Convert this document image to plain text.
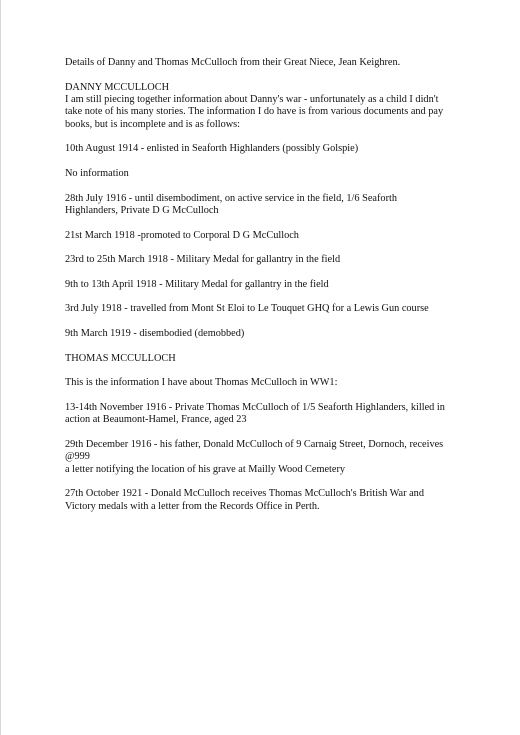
Details of Danny and Thomas McCulloch from their Great Niece, Jean Keighren.

DANNY MCCULLOCH
I am still piecing together information about Danny's war - unfortunately as a child I didn't
take note of his many stories. The information I do have is from various documents and pay
books, but is incomplete and is as follows:
10th August 1914 - enlisted in Seaforth Highlanders (possibly Golspie)
No information
28th July 1916 - until disembodiment, on active service in the field, 1/6 Seaforth
Highlanders, Private D G McCulloch
21st March 1918 -promoted to Corporal D G McCulloch
23rd to 25th March 1918 - Military Medal for gallantry in the field
9th to 13th April 1918 - Military Medal for gallantry in the field
3rd July 1918 - travelled from Mont St Eloi to Le Touquet GHQ for a Lewis Gun course
9th March 1919 - disembodied (demobbed)
THOMAS MCCULLOCH
This is the information I have about Thomas McCulloch in WW1:
13-14th November 1916 - Private Thomas McCulloch of 1/5 Seaforth Highlanders, killed in
action at Beaumont-Hamel, France, aged 23
29th December 1916 - his father, Donald McCulloch of 9 Carnaig Street, Dornoch, receives
@999
a letter notifying the location of his grave at Mailly Wood Cemetery
27th October 1921 - Donald McCulloch receives Thomas McCulloch's British War and
Victory medals with a letter from the Records Office in Perth.
